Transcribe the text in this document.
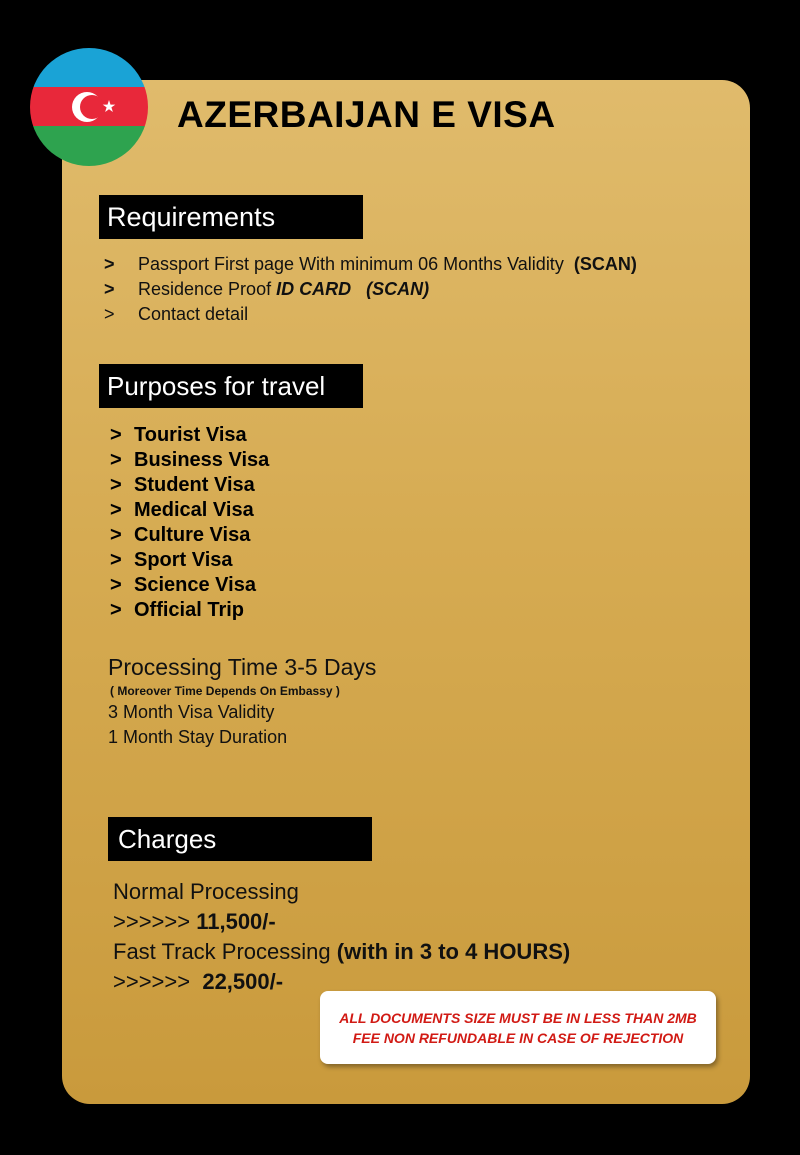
AZERBAIJAN E VISA
Requirements
> Passport First page With minimum 06 Months Validity (SCAN)
> Residence Proof ID CARD (SCAN)
> Contact detail
Purposes for travel
> Tourist Visa
> Business Visa
> Student Visa
> Medical Visa
> Culture Visa
> Sport Visa
> Science Visa
> Official Trip
Processing Time 3-5 Days
( Moreover Time Depends On Embassy )
3 Month Visa Validity
1 Month Stay Duration
Charges
Normal Processing
>>>>>> 11,500/-
Fast Track Processing (with in 3 to 4 HOURS)
>>>>>> 22,500/-
ALL DOCUMENTS SIZE MUST BE IN LESS THAN 2MB
FEE NON REFUNDABLE IN CASE OF REJECTION
